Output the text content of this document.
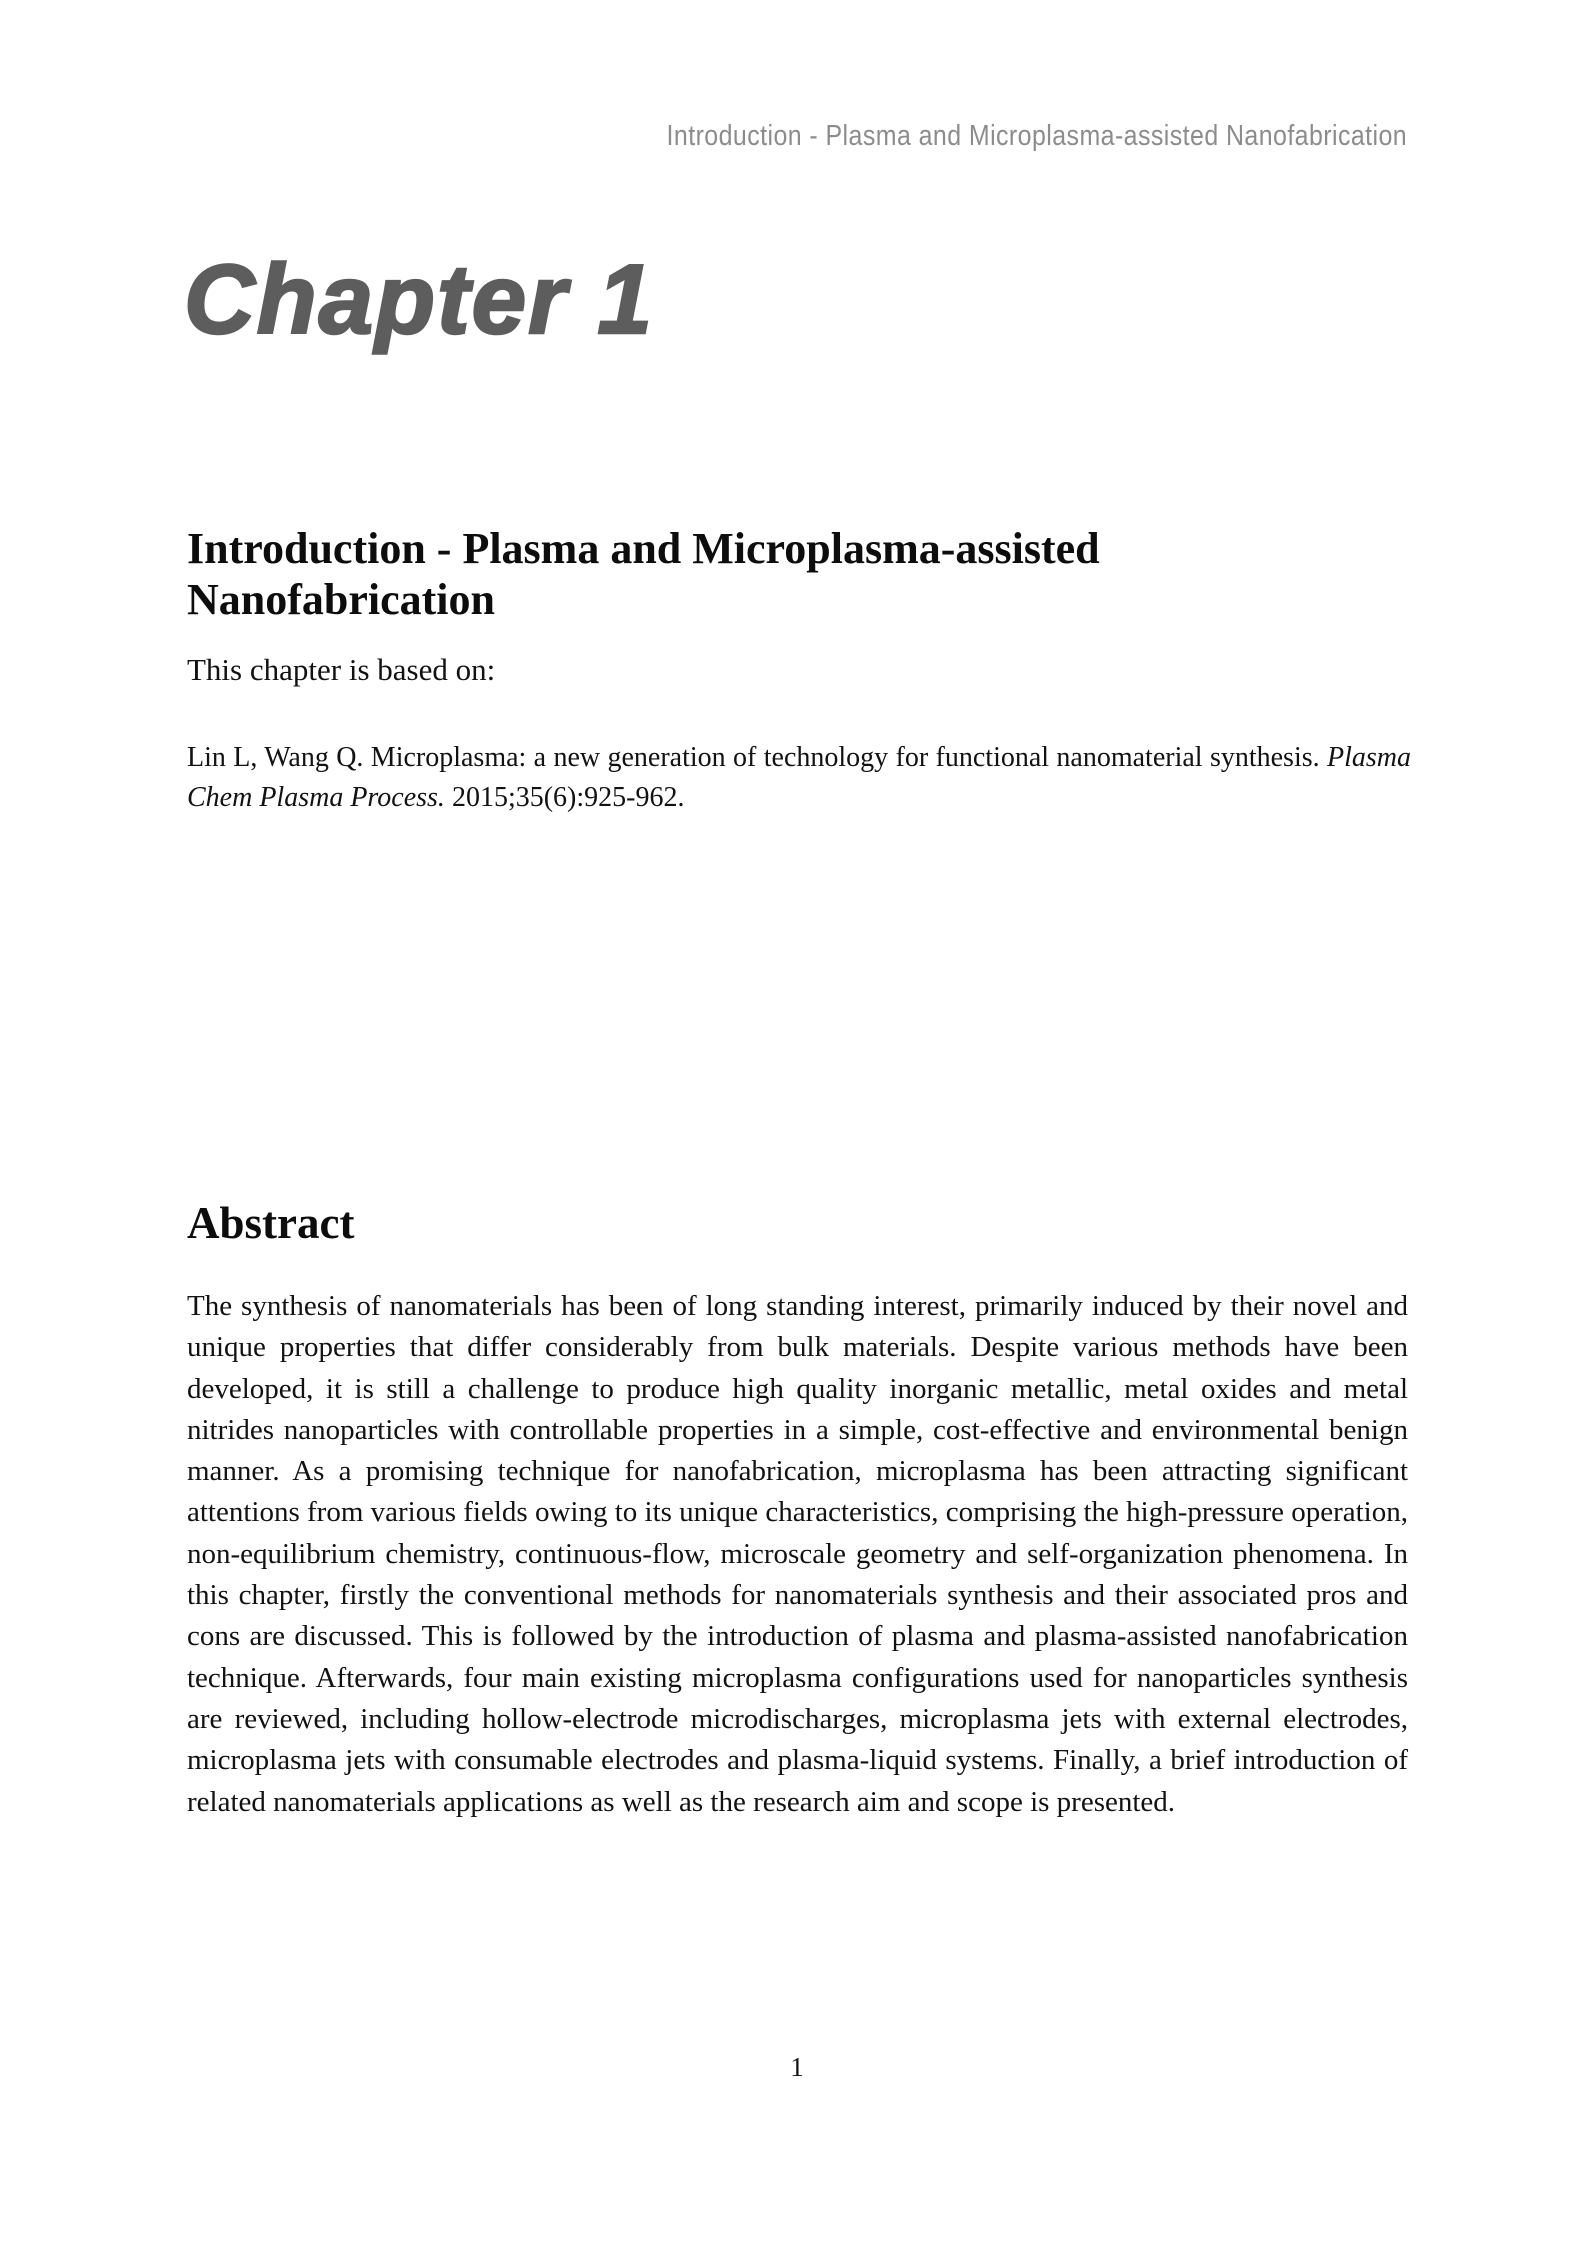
Introduction - Plasma and Microplasma-assisted Nanofabrication
Chapter 1
Introduction - Plasma and Microplasma-assisted Nanofabrication
This chapter is based on:

Lin L, Wang Q. Microplasma: a new generation of technology for functional nanomaterial synthesis. Plasma Chem Plasma Process. 2015;35(6):925-962.

Abstract

The synthesis of nanomaterials has been of long standing interest, primarily induced by their novel and unique properties that differ considerably from bulk materials. Despite various methods have been developed, it is still a challenge to produce high quality inorganic metallic, metal oxides and metal nitrides nanoparticles with controllable properties in a simple, cost-effective and environmental benign manner. As a promising technique for nanofabrication, microplasma has been attracting significant attentions from various fields owing to its unique characteristics, comprising the high-pressure operation, non-equilibrium chemistry, continuous-flow, microscale geometry and self-organization phenomena. In this chapter, firstly the conventional methods for nanomaterials synthesis and their associated pros and cons are discussed. This is followed by the introduction of plasma and plasma-assisted nanofabrication technique. Afterwards, four main existing microplasma configurations used for nanoparticles synthesis are reviewed, including hollow-electrode microdischarges, microplasma jets with external electrodes, microplasma jets with consumable electrodes and plasma-liquid systems. Finally, a brief introduction of related nanomaterials applications as well as the research aim and scope is presented.

1
